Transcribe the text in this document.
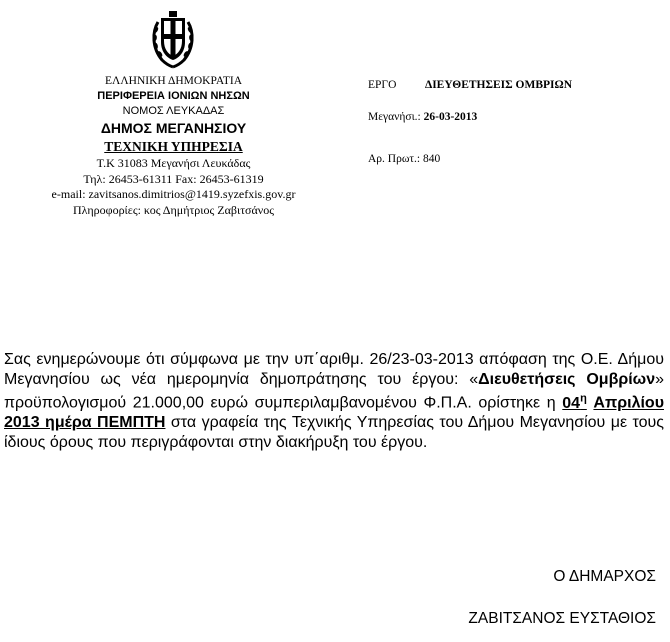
ΕΛΛΗΝΙΚΗ ΔΗΜΟΚΡΑΤΙΑ
ΠΕΡΙΦΕΡΕΙΑ ΙΟΝΙΩΝ ΝΗΣΩΝ
ΝΟΜΟΣ ΛΕΥΚΑΔΑΣ
ΔΗΜΟΣ ΜΕΓΑΝΗΣΙΟΥ
ΤΕΧΝΙΚΗ ΥΠΗΡΕΣΙΑ
Τ.Κ 31083 Μεγανήσι Λευκάδας
Τηλ: 26453-61311 Fax: 26453-61319
e-mail: zavitsanos.dimitrios@1419.syzefxis.gov.gr
Πληροφορίες: κος Δημήτριος Ζαβιτσάνος
ΕΡΓΟ ΔΙΕΥΘΕΤΗΣΕΙΣ ΟΜΒΡΙΩΝ
Μεγανήσι.: 26-03-2013
Αρ. Πρωτ.: 840

Σας ενημερώνουμε ότι σύμφωνα με την υπ΄αριθμ. 26/23-03-2013 απόφαση της Ο.Ε. Δήμου Μεγανησίου ως νέα ημερομηνία δημοπράτησης του έργου: «Διευθετήσεις Ομβρίων» προϋπολογισμού 21.000,00 ευρώ συμπεριλαμβανομένου Φ.Π.Α. ορίστηκε η $04^\eta$ Απριλίου 2013 ημέρα ΠΕΜΠΤΗ στα γραφεία της Τεχνικής Υπηρεσίας του Δήμου Μεγανησίου με τους ίδιους όρους που περιγράφονται στην διακήρυξη του έργου.

Ο ΔΗΜΑΡΧΟΣ
ΖΑΒΙΤΣΑΝΟΣ ΕΥΣΤΑΘΙΟΣ
